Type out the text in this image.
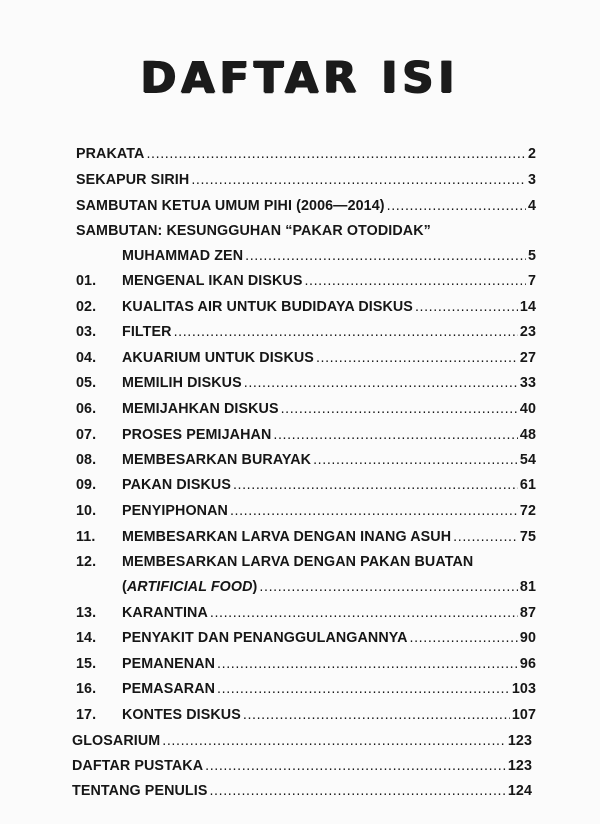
DAFTAR ISI
PRAKATA .....	2
SEKAPUR SIRIH .....	3
SAMBUTAN KETUA UMUM PIHI (2006—2014) .....	4
SAMBUTAN: KESUNGGUHAN “PAKAR OTODIDAK”
MUHAMMAD ZEN .....	5
01.	MENGENAL IKAN DISKUS .....	7
02.	KUALITAS AIR UNTUK BUDIDAYA DISKUS .....	14
03.	FILTER .....	23
04.	AKUARIUM UNTUK DISKUS .....	27
05.	MEMILIH DISKUS .....	33
06.	MEMIJAHKAN DISKUS .....	40
07.	PROSES PEMIJAHAN .....	48
08.	MEMBESARKAN BURAYAK .....	54
09.	PAKAN DISKUS .....	61
10.	PENYIPHONAN .....	72
11.	MEMBESARKAN LARVA DENGAN INANG ASUH .....	75
12.	MEMBESARKAN LARVA DENGAN PAKAN BUATAN
(ARTIFICIAL FOOD) .....	81
13.	KARANTINA .....	87
14.	PENYAKIT DAN PENANGGULANGANNYA .....	90
15.	PEMANENAN .....	96
16.	PEMASARAN .....	103
17.	KONTES DISKUS .....	107
GLOSARIUM .....	123
DAFTAR PUSTAKA .....	123
TENTANG PENULIS .....	124
